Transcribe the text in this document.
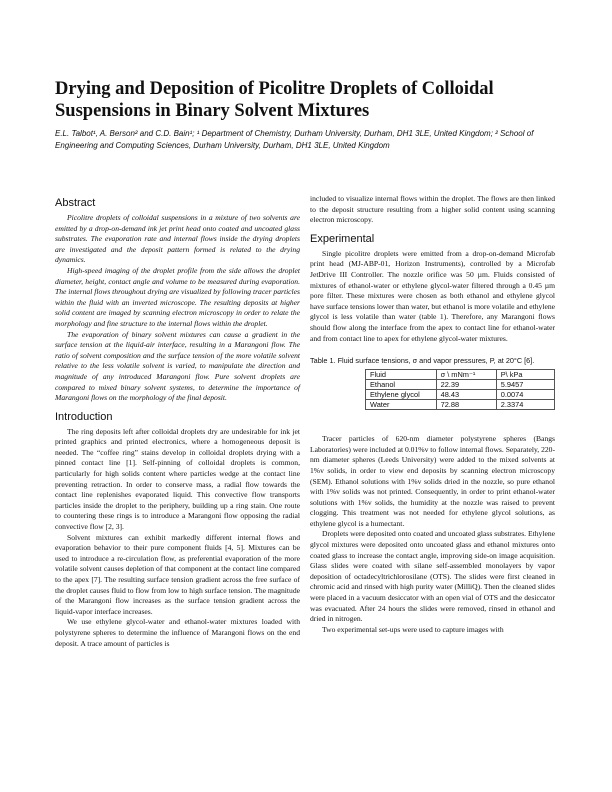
Drying and Deposition of Picolitre Droplets of Colloidal Suspensions in Binary Solvent Mixtures
E.L. Talbot¹, A. Berson² and C.D. Bain¹; ¹ Department of Chemistry, Durham University, Durham, DH1 3LE, United Kingdom; ² School of Engineering and Computing Sciences, Durham University, Durham, DH1 3LE, United Kingdom
Abstract

Picolitre droplets of colloidal suspensions in a mixture of two solvents are emitted by a drop-on-demand ink jet print head onto coated and uncoated glass substrates. The evaporation rate and internal flows inside the drying droplets are investigated and the deposit pattern formed is related to the drying dynamics.

High-speed imaging of the droplet profile from the side allows the droplet diameter, height, contact angle and volume to be measured during evaporation. The internal flows throughout drying are visualized by following tracer particles within the fluid with an inverted microscope. The resulting deposits at higher solid content are imaged by scanning electron microscopy in order to relate the morphology and fine structure to the internal flows within the droplet.

The evaporation of binary solvent mixtures can cause a gradient in the surface tension at the liquid-air interface, resulting in a Marangoni flow. The ratio of solvent composition and the surface tension of the more volatile solvent relative to the less volatile solvent is varied, to manipulate the direction and magnitude of any introduced Marangoni flow. Pure solvent droplets are compared to mixed binary solvent systems, to determine the importance of Marangoni flows on the morphology of the final deposit.

Introduction

The ring deposits left after colloidal droplets dry are undesirable for ink jet printed graphics and printed electronics, where a homogeneous deposit is needed. The “coffee ring” stains develop in colloidal droplets drying with a pinned contact line [1]. Self-pinning of colloidal droplets is common, particularly for high solids content where particles wedge at the contact line preventing retraction. In order to conserve mass, a radial flow towards the contact line replenishes evaporated liquid. This convective flow transports particles inside the droplet to the periphery, building up a ring stain. One route to countering these rings is to introduce a Marangoni flow opposing the radial convective flow [2, 3].

Solvent mixtures can exhibit markedly different internal flows and evaporation behavior to their pure component fluids [4, 5]. Mixtures can be used to introduce a re-circulation flow, as preferential evaporation of the more volatile solvent causes depletion of that component at the contact line compared to the apex [7]. The resulting surface tension gradient across the free surface of the droplet causes fluid to flow from low to high surface tension. The magnitude of the Marangoni flow increases as the surface tension gradient across the liquid-vapor interface increases.

We use ethylene glycol-water and ethanol-water mixtures loaded with polystyrene spheres to determine the influence of Marangoni flows on the end deposit. A trace amount of particles is

included to visualize internal flows within the droplet. The flows are then linked to the deposit structure resulting from a higher solid content using scanning electron microscopy.

Experimental

Single picolitre droplets were emitted from a drop-on-demand Microfab print head (MJ-ABP-01, Horizon Instruments), controlled by a Microfab JetDrive III Controller. The nozzle orifice was 50 µm. Fluids consisted of mixtures of ethanol-water or ethylene glycol-water filtered through a 0.45 µm pore filter. These mixtures were chosen as both ethanol and ethylene glycol have surface tensions lower than water, but ethanol is more volatile and ethylene glycol is less volatile than water (table 1). Therefore, any Marangoni flows should flow along the interface from the apex to contact line for ethanol-water and from contact line to apex for ethylene glycol-water mixtures.

Table 1. Fluid surface tensions, σ and vapor pressures, P, at 20°C [6].

Fluid	σ \ mNm⁻¹	P\ kPa
Ethanol	22.39	5.9457
Ethylene glycol	48.43	0.0074
Water	72.88	2.3374

Tracer particles of 620-nm diameter polystyrene spheres (Bangs Laboratories) were included at 0.01%v to follow internal flows. Separately, 220-nm diameter spheres (Leeds University) were added to the mixed solvents at 1%v solids, in order to view end deposits by scanning electron microscopy (SEM). Ethanol solutions with 1%v solids dried in the nozzle, so pure ethanol with 1%v solids was not printed. Consequently, in order to print ethanol-water solutions with 1%v solids, the humidity at the nozzle was raised to prevent clogging. This treatment was not needed for ethylene glycol solutions, as ethylene glycol is a humectant.

Droplets were deposited onto coated and uncoated glass substrates. Ethylene glycol mixtures were deposited onto uncoated glass and ethanol mixtures onto coated glass to increase the contact angle, improving side-on image acquisition. Glass slides were coated with silane self-assembled monolayers by vapor deposition of octadecyltrichlorosilane (OTS). The slides were first cleaned in chromic acid and rinsed with high purity water (MilliQ). Then the cleaned slides were placed in a vacuum desiccator with an open vial of OTS and the desiccator was evacuated. After 24 hours the slides were removed, rinsed in ethanol and dried in nitrogen.

Two experimental set-ups were used to capture images with
